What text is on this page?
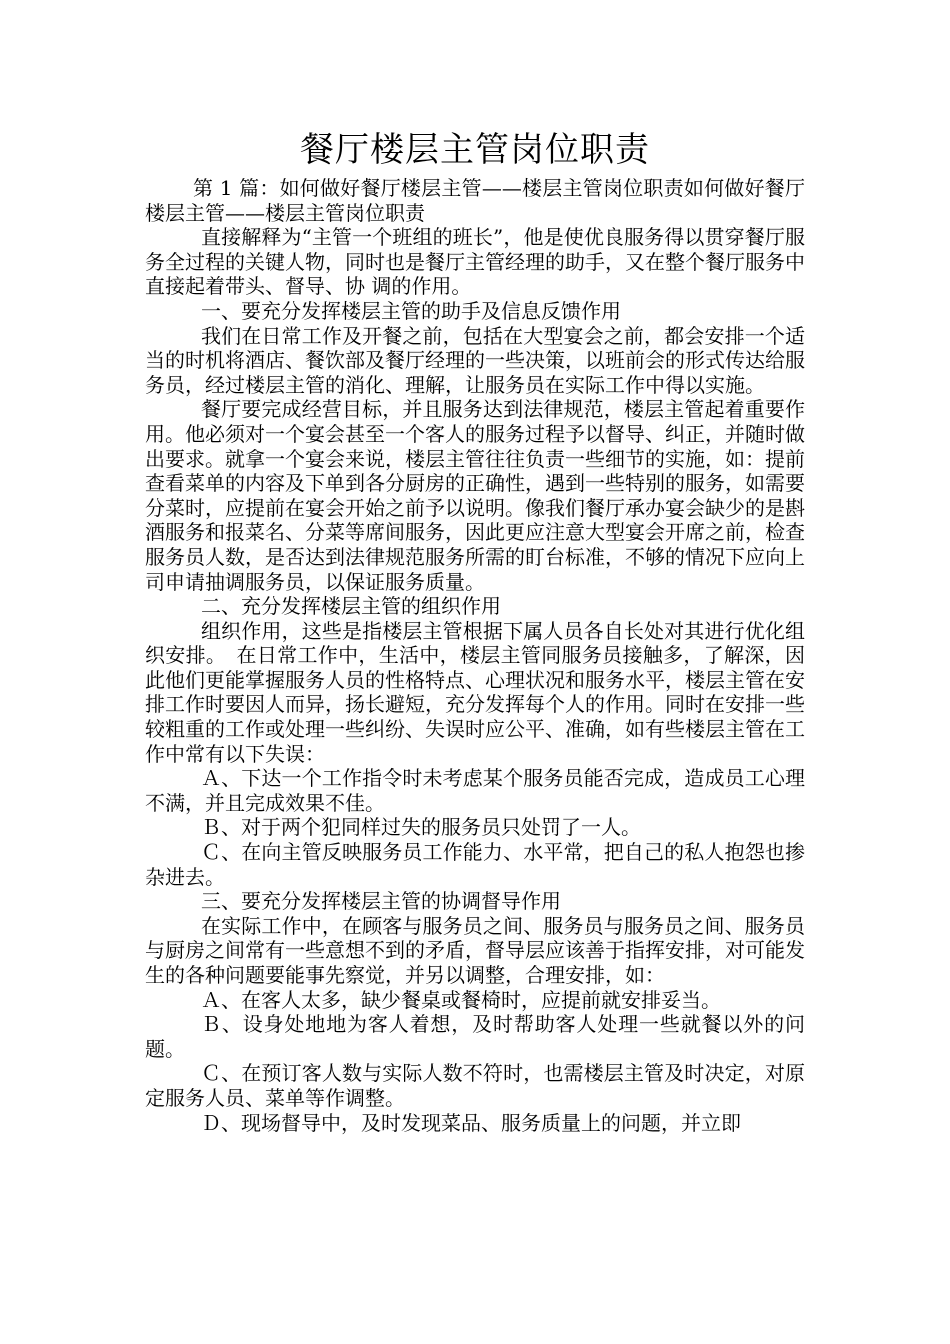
餐厅楼层主管岗位职责

第 1 篇：如何做好餐厅楼层主管——楼层主管岗位职责如何做好餐厅楼层主管——楼层主管岗位职责

直接解释为“主管一个班组的班长”，他是使优良服务得以贯穿餐厅服务全过程的关键人物，同时也是餐厅主管经理的助手，又在整个餐厅服务中直接起着带头、督导、协 调的作用。

一、要充分发挥楼层主管的助手及信息反馈作用

我们在日常工作及开餐之前，包括在大型宴会之前，都会安排一个适当的时机将酒店、餐饮部及餐厅经理的一些决策，以班前会的形式传达给服务员，经过楼层主管的消化、理解，让服务员在实际工作中得以实施。

餐厅要完成经营目标，并且服务达到法律规范，楼层主管起着重要作用。他必须对一个宴会甚至一个客人的服务过程予以督导、纠正，并随时做出要求。就拿一个宴会来说，楼层主管往往负责一些细节的实施，如：提前查看菜单的内容及下单到各分厨房的正确性，遇到一些特别的服务，如需要分菜时，应提前在宴会开始之前予以说明。像我们餐厅承办宴会缺少的是斟酒服务和报菜名、分菜等席间服务，因此更应注意大型宴会开席之前，检查服务员人数，是否达到法律规范服务所需的盯台标准，不够的情况下应向上司申请抽调服务员，以保证服务质量。

二、充分发挥楼层主管的组织作用

组织作用，这些是指楼层主管根据下属人员各自长处对其进行优化组织安排。　在日常工作中，生活中，楼层主管同服务员接触多，了解深，因此他们更能掌握服务人员的性格特点、心理状况和服务水平，楼层主管在安排工作时要因人而异，扬长避短，充分发挥每个人的作用。同时在安排一些较粗重的工作或处理一些纠纷、失误时应公平、准确，如有些楼层主管在工作中常有以下失误：

Ａ、下达一个工作指令时未考虑某个服务员能否完成，造成员工心理不满，并且完成效果不佳。

Ｂ、对于两个犯同样过失的服务员只处罚了一人。

Ｃ、在向主管反映服务员工作能力、水平常，把自己的私人抱怨也掺杂进去。

三、要充分发挥楼层主管的协调督导作用

在实际工作中，在顾客与服务员之间、服务员与服务员之间、服务员与厨房之间常有一些意想不到的矛盾，督导层应该善于指挥安排，对可能发生的各种问题要能事先察觉，并另以调整，合理安排，如：

Ａ、在客人太多，缺少餐桌或餐椅时，应提前就安排妥当。

Ｂ、设身处地地为客人着想，及时帮助客人处理一些就餐以外的问题。

Ｃ、在预订客人数与实际人数不符时，也需楼层主管及时决定，对原定服务人员、菜单等作调整。

Ｄ、现场督导中，及时发现菜品、服务质量上的问题，并立即
